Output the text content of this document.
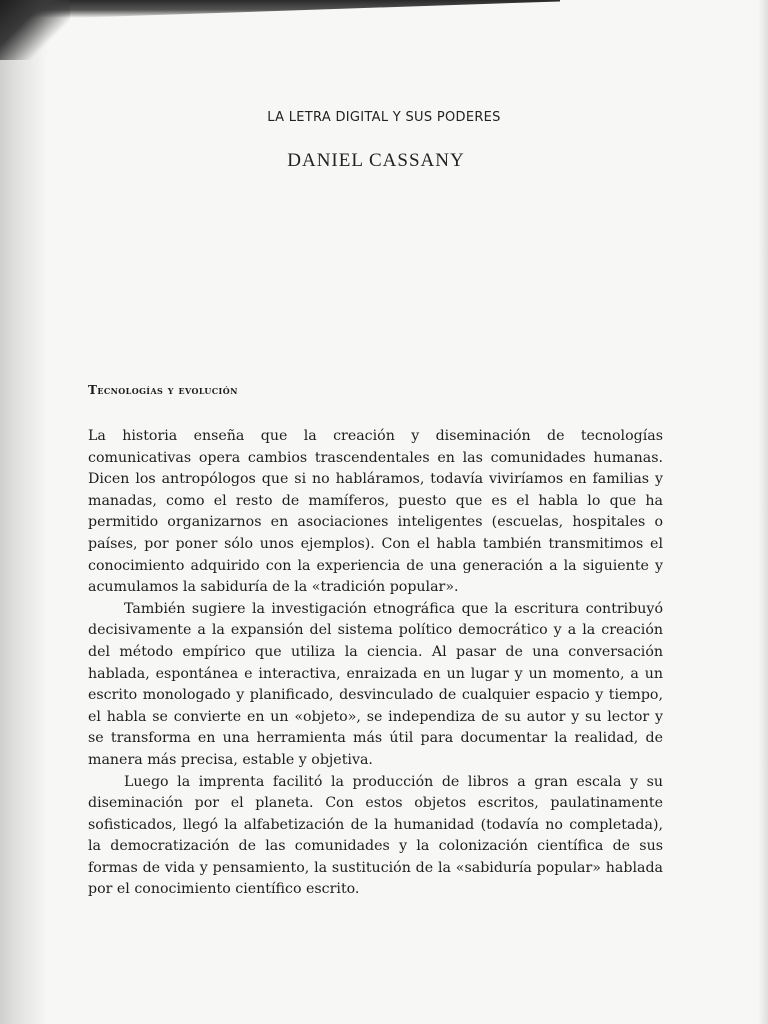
LA LETRA DIGITAL Y SUS PODERES
DANIEL CASSANY
Tecnologías y evolución

La historia enseña que la creación y diseminación de tecnologías comunicativas opera cambios trascendentales en las comunidades humanas. Dicen los antropólogos que si no habláramos, todavía viviríamos en familias y manadas, como el resto de mamíferos, puesto que es el habla lo que ha permitido organizarnos en asociaciones inteligentes (escuelas, hospitales o países, por poner sólo unos ejemplos). Con el habla también transmitimos el conocimiento adquirido con la experiencia de una generación a la siguiente y acumulamos la sabiduría de la «tradición popular».

También sugiere la investigación etnográfica que la escritura contribuyó decisivamente a la expansión del sistema político democrático y a la creación del método empírico que utiliza la ciencia. Al pasar de una conversación hablada, espontánea e interactiva, enraizada en un lugar y un momento, a un escrito monologado y planificado, desvinculado de cualquier espacio y tiempo, el habla se convierte en un «objeto», se independiza de su autor y su lector y se transforma en una herramienta más útil para documentar la realidad, de manera más precisa, estable y objetiva.

Luego la imprenta facilitó la producción de libros a gran escala y su diseminación por el planeta. Con estos objetos escritos, paulatinamente sofisticados, llegó la alfabetización de la humanidad (todavía no completada), la democratización de las comunidades y la colonización científica de sus formas de vida y pensamiento, la sustitución de la «sabiduría popular» hablada por el conocimiento científico escrito.
